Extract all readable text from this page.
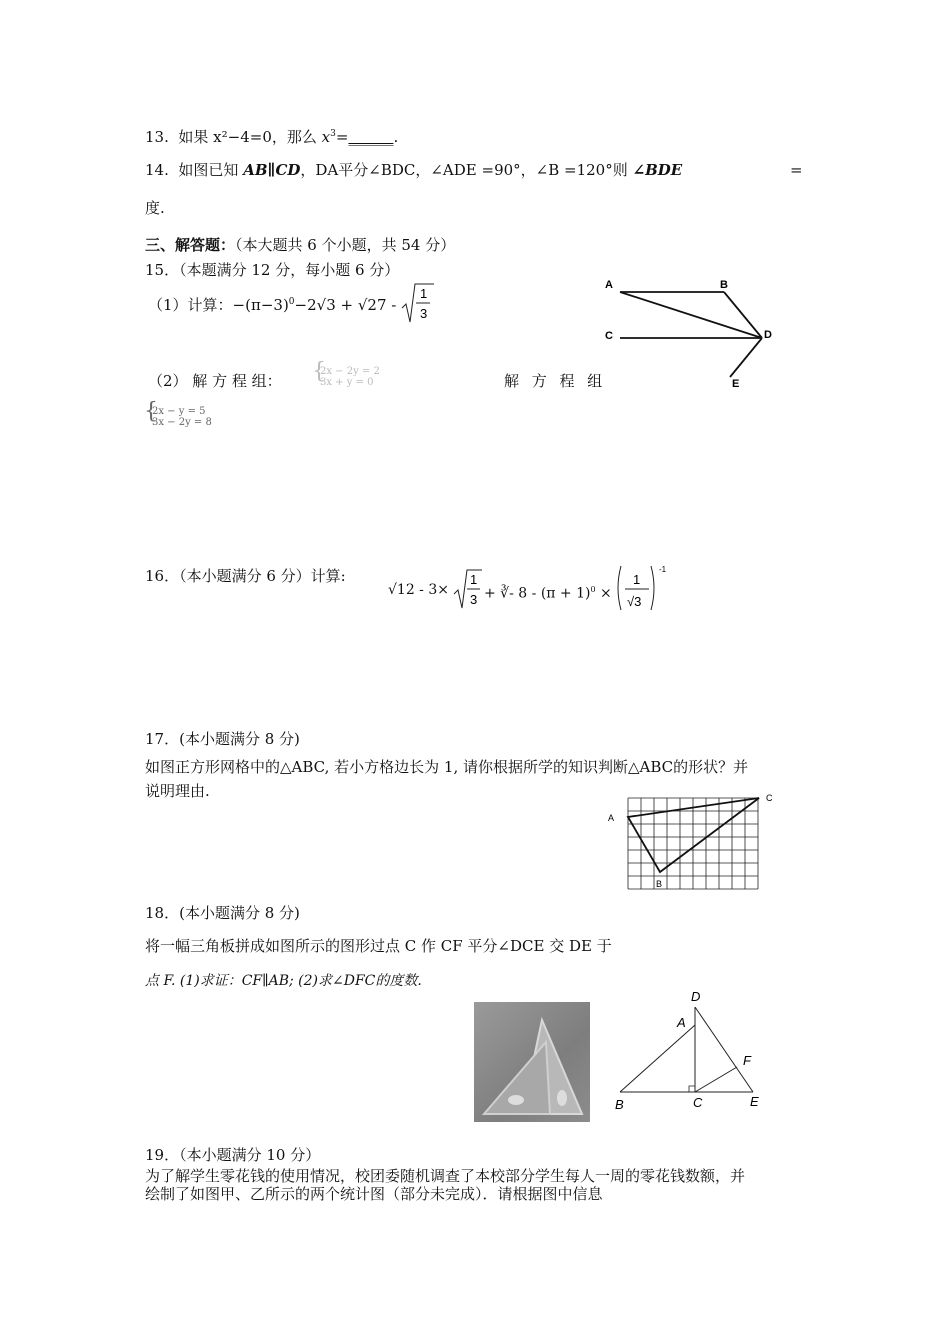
13. 如果 x²−4=0，那么 $x^3=\_\_\_\_\_\_$.
14. 如图已知 AB∥CD，DA平分∠BDC，∠ADE =90°，∠B =120°则 ∠BDE	=
度.
三、解答题：（本大题共 6 个小题，共 54 分）
15．（本题满分 12 分，每小题 6 分）
（1）计算：$-(\pi-3)^0-2√3 + √27$ -
1
3
（2） 解 方 程 组： {
2x − 2y = 2
3x + y = 0	解 方 程 组
{
2x − y = 5
3x − 2y = 8
A	B
C	D
E
16．（本小题满分 6 分）计算:
√12 - 3×
1
3 + ∛- $8 - (\pi + 1)^0$ ×
1
√3
-1
17．(本小题满分 8 分)
如图正方形网格中的△ABC, 若小方格边长为 1, 请你根据所学的知识判断△ABC的形状？并
说明理由.
A
B
C
18．(本小题满分 8 分)
将一幅三角板拼成如图所示的图形过点 C 作 CF 平分∠DCE 交 DE 于
点 F. (1)求证：CF∥AB; (2)求∠DFC的度数.
D
A
F
B	C	E
19．（本小题满分 10 分）
为了解学生零花钱的使用情况，校团委随机调查了本校部分学生每人一周的零花钱数额，并
绘制了如图甲、乙所示的两个统计图（部分未完成）．请根据图中信息
